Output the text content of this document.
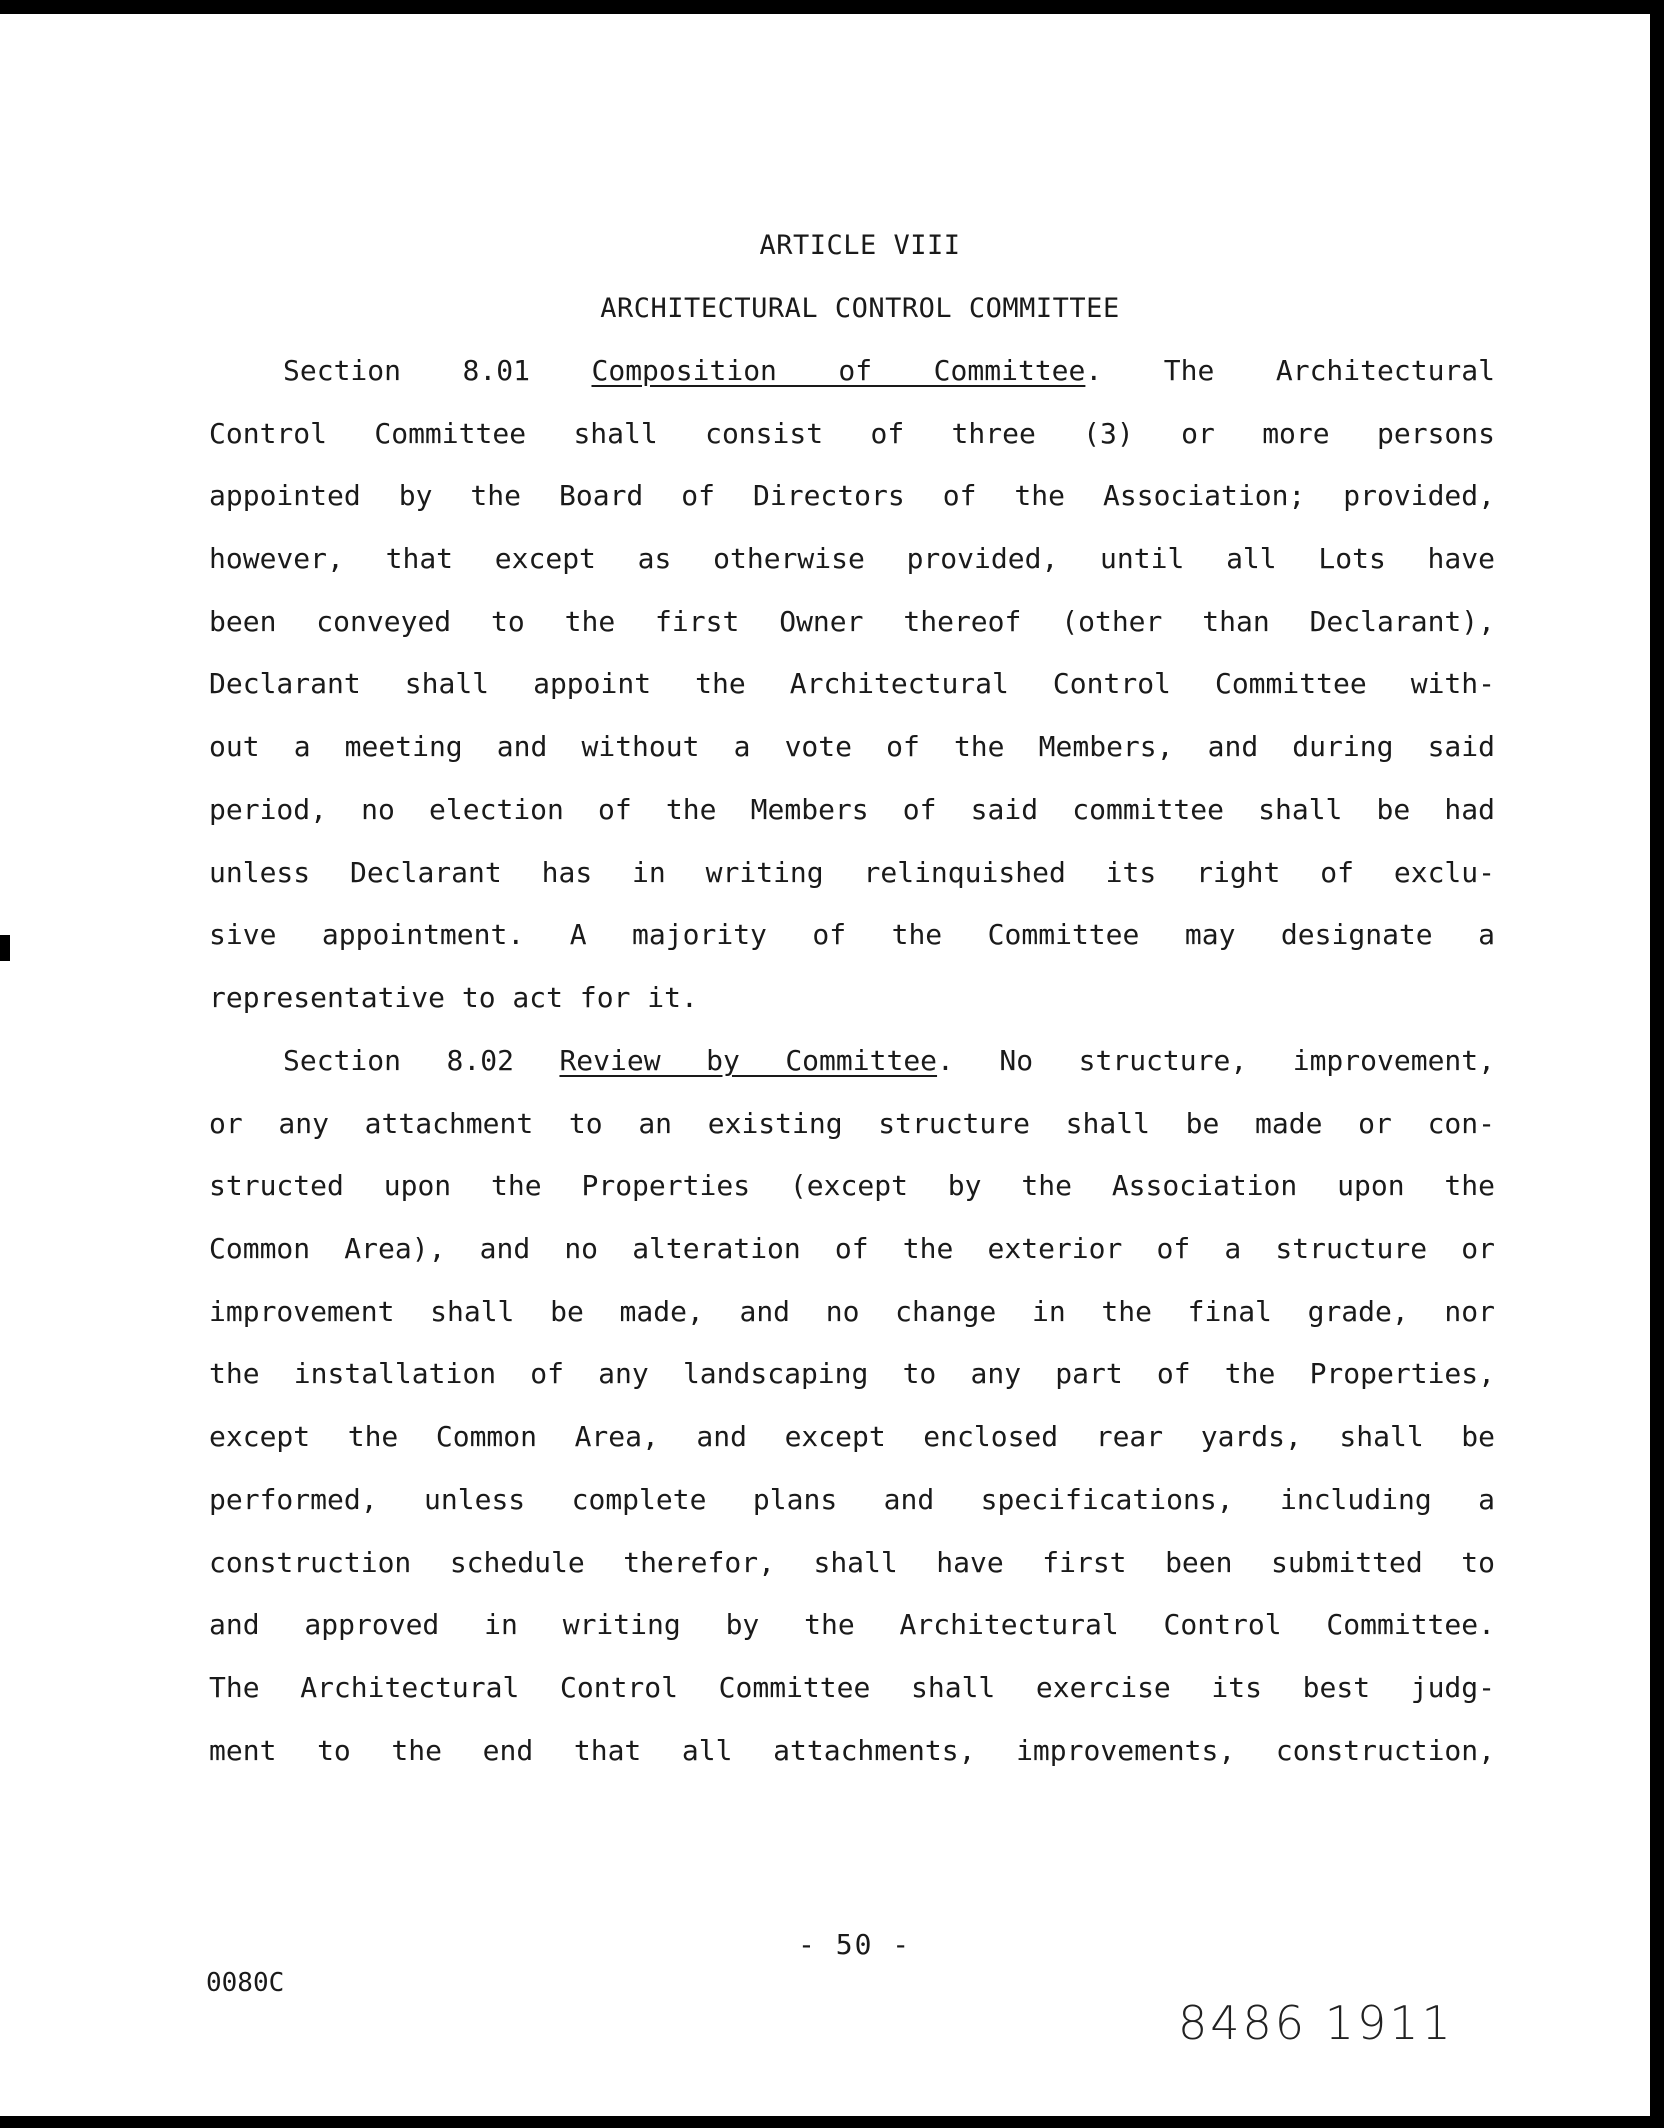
ARTICLE VIII
ARCHITECTURAL CONTROL COMMITTEE
Section 8.01 Composition of Committee. The Architectural
Control Committee shall consist of three (3) or more persons
appointed by the Board of Directors of the Association; provided,
however, that except as otherwise provided, until all Lots have
been conveyed to the first Owner thereof (other than Declarant),
Declarant shall appoint the Architectural Control Committee with-
out a meeting and without a vote of the Members, and during said
period, no election of the Members of said committee shall be had
unless Declarant has in writing relinquished its right of exclu-
sive appointment. A majority of the Committee may designate a
representative to act for it.
Section 8.02 Review by Committee. No structure, improvement,
or any attachment to an existing structure shall be made or con-
structed upon the Properties (except by the Association upon the
Common Area), and no alteration of the exterior of a structure or
improvement shall be made, and no change in the final grade, nor
the installation of any landscaping to any part of the Properties,
except the Common Area, and except enclosed rear yards, shall be
performed, unless complete plans and specifications, including a
construction schedule therefor, shall have first been submitted to
and approved in writing by the Architectural Control Committee.
The Architectural Control Committee shall exercise its best judg-
ment to the end that all attachments, improvements, construction,
- 50 -
0080C
8486 1911
